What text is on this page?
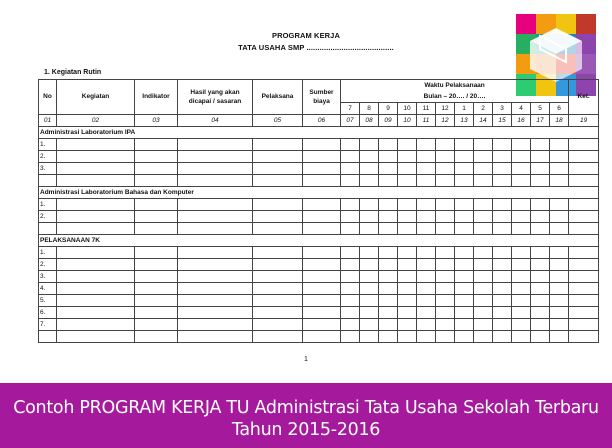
PROGRAM KERJA
TATA USAHA SMP ........................................
1. Kegiatan Rutin
No	Kegiatan	Indikator	Hasil yang akan dicapai / sasaran	Pelaksana	Sumber biaya	Waktu Pelaksanaan												Ket.
						Bulan – 20…. / 20….												
						7	8	9	10	11	12	1	2	3	4	5	6	
01	02	03	04	05	06	07	08	09	10	11	12	13	14	15	16	17	18	19
Administrasi Laboratorium IPA																		
1.																		
2.																		
3.																		

Administrasi Laboratorium Bahasa dan Komputer																		
1.																		
2.																		

PELAKSANAAN 7K																		
1.																		
2.																		
3.																		
4.																		
5.																		
6.																		
7.																		

1
Contoh PROGRAM KERJA TU Administrasi Tata Usaha Sekolah Terbaru
Tahun 2015-2016
